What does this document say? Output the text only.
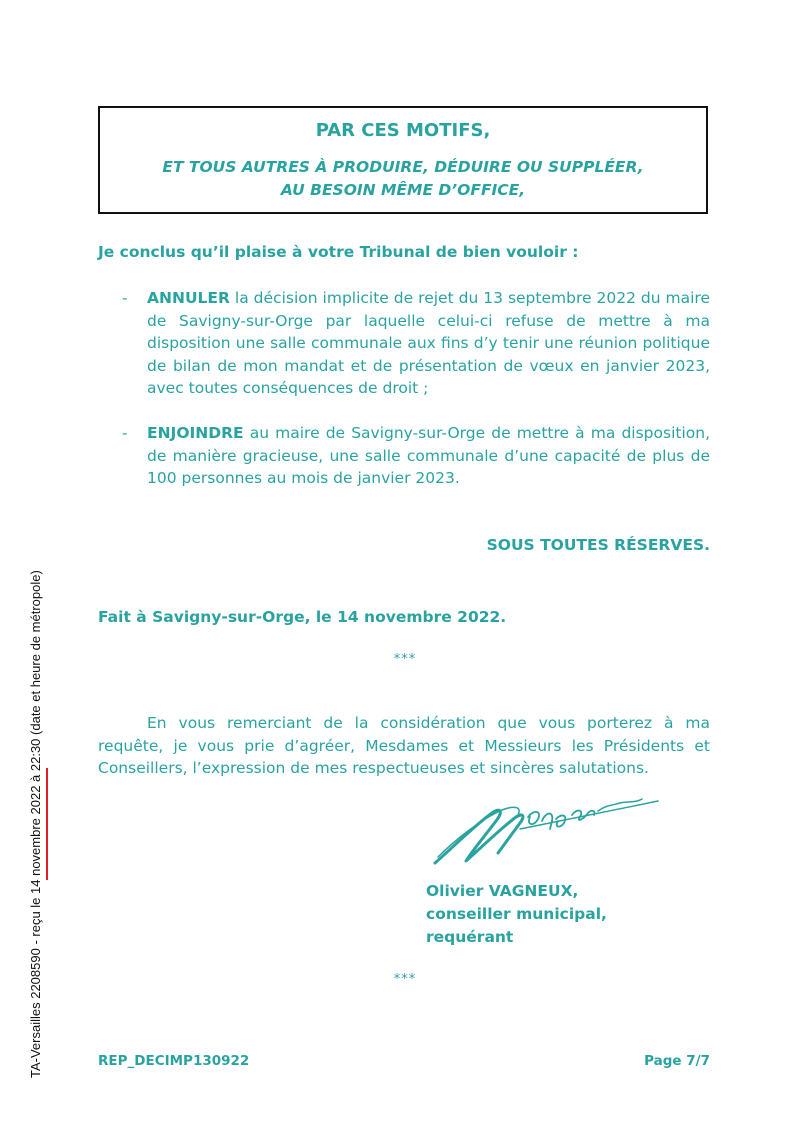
PAR CES MOTIFS,
ET TOUS AUTRES À PRODUIRE, DÉDUIRE OU SUPPLÉER,
AU BESOIN MÊME D’OFFICE,
Je conclus qu’il plaise à votre Tribunal de bien vouloir :
- ANNULER la décision implicite de rejet du 13 septembre 2022 du maire de Savigny-sur-Orge par laquelle celui-ci refuse de mettre à ma disposition une salle communale aux fins d’y tenir une réunion politique de bilan de mon mandat et de présentation de vœux en janvier 2023, avec toutes conséquences de droit ;
- ENJOINDRE au maire de Savigny-sur-Orge de mettre à ma disposition, de manière gracieuse, une salle communale d’une capacité de plus de 100 personnes au mois de janvier 2023.
SOUS TOUTES RÉSERVES.
Fait à Savigny-sur-Orge, le 14 novembre 2022.
***
En vous remerciant de la considération que vous porterez à ma requête, je vous prie d’agréer, Mesdames et Messieurs les Présidents et Conseillers, l’expression de mes respectueuses et sincères salutations.
Olivier VAGNEUX,
conseiller municipal,
requérant
***
REP_DECIMP130922	Page 7/7
TA-Versailles 2208590 - reçu le 14 novembre 2022 à 22:30 (date et heure de métropole)
